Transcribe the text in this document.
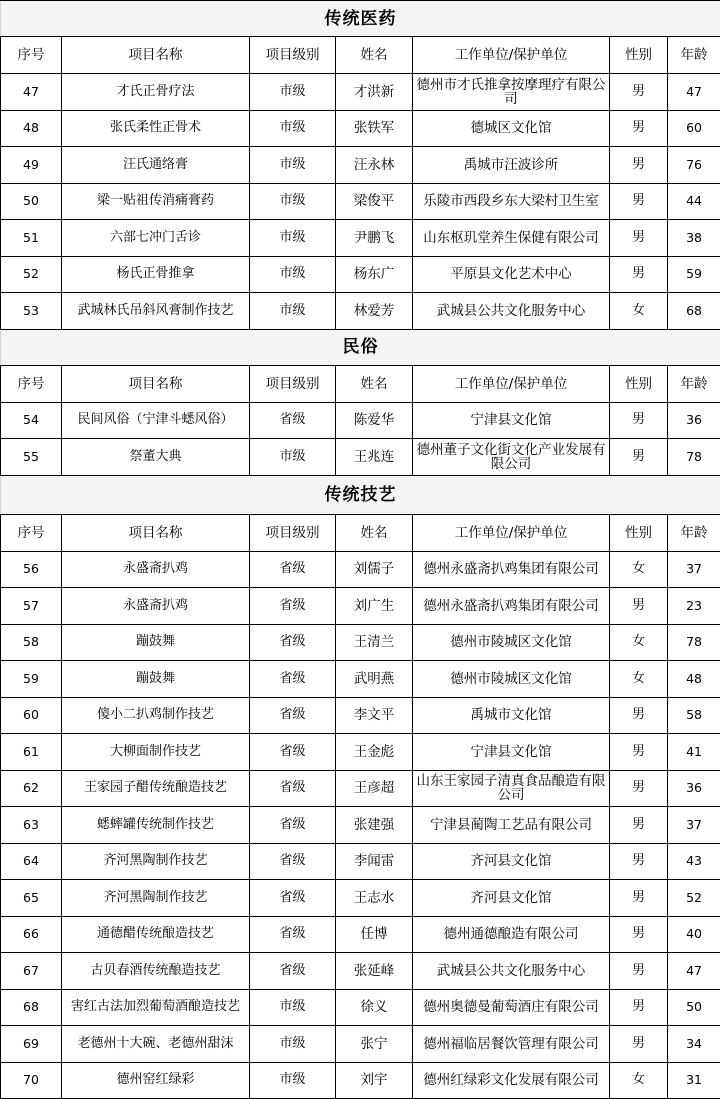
传统医药						
序号	项目名称	项目级别	姓名	工作单位/保护单位	性别	年龄
47	才氏正骨疗法	市级	才洪新	德州市才氏推拿按摩理疗有限公司	男	47
48	张氏柔性正骨术	市级	张铁军	德城区文化馆	男	60
49	汪氏通络膏	市级	汪永林	禹城市汪波诊所	男	76
50	梁一贴祖传消痛膏药	市级	梁俊平	乐陵市西段乡东大梁村卫生室	男	44
51	六部七冲门舌诊	市级	尹鹏飞	山东枢玑堂养生保健有限公司	男	38
52	杨氏正骨推拿	市级	杨东广	平原县文化艺术中心	男	59
53	武城林氏吊斜风膏制作技艺	市级	林爱芳	武城县公共文化服务中心	女	68
民俗						
序号	项目名称	项目级别	姓名	工作单位/保护单位	性别	年龄
54	民间风俗（宁津斗蟋风俗）	省级	陈爱华	宁津县文化馆	男	36
55	祭董大典	市级	王兆连	德州董子文化街文化产业发展有限公司	男	78
传统技艺						
序号	项目名称	项目级别	姓名	工作单位/保护单位	性别	年龄
56	永盛斋扒鸡	省级	刘儒子	德州永盛斋扒鸡集团有限公司	女	37
57	永盛斋扒鸡	省级	刘广生	德州永盛斋扒鸡集团有限公司	男	23
58	蹦鼓舞	省级	王清兰	德州市陵城区文化馆	女	78
59	蹦鼓舞	省级	武明燕	德州市陵城区文化馆	女	48
60	傻小二扒鸡制作技艺	省级	李文平	禹城市文化馆	男	58
61	大柳面制作技艺	省级	王金彪	宁津县文化馆	男	41
62	王家园子醋传统酿造技艺	省级	王彦超	山东王家园子清真食品酿造有限公司	男	36
63	蟋蟀罐传统制作技艺	省级	张建强	宁津县蔺陶工艺品有限公司	男	37
64	齐河黑陶制作技艺	省级	李闻雷	齐河县文化馆	男	43
65	齐河黑陶制作技艺	省级	王志水	齐河县文化馆	男	52
66	通德醋传统酿造技艺	省级	任博	德州通德酿造有限公司	男	40
67	古贝春酒传统酿造技艺	省级	张延峰	武城县公共文化服务中心	男	47
68	害红古法加烈葡萄酒酿造技艺	市级	徐义	德州奥德曼葡萄酒庄有限公司	男	50
69	老德州十大碗、老德州甜沫	市级	张宁	德州福临居餐饮管理有限公司	男	34
70	德州窑红绿彩	市级	刘宇	德州红绿彩文化发展有限公司	女	31
